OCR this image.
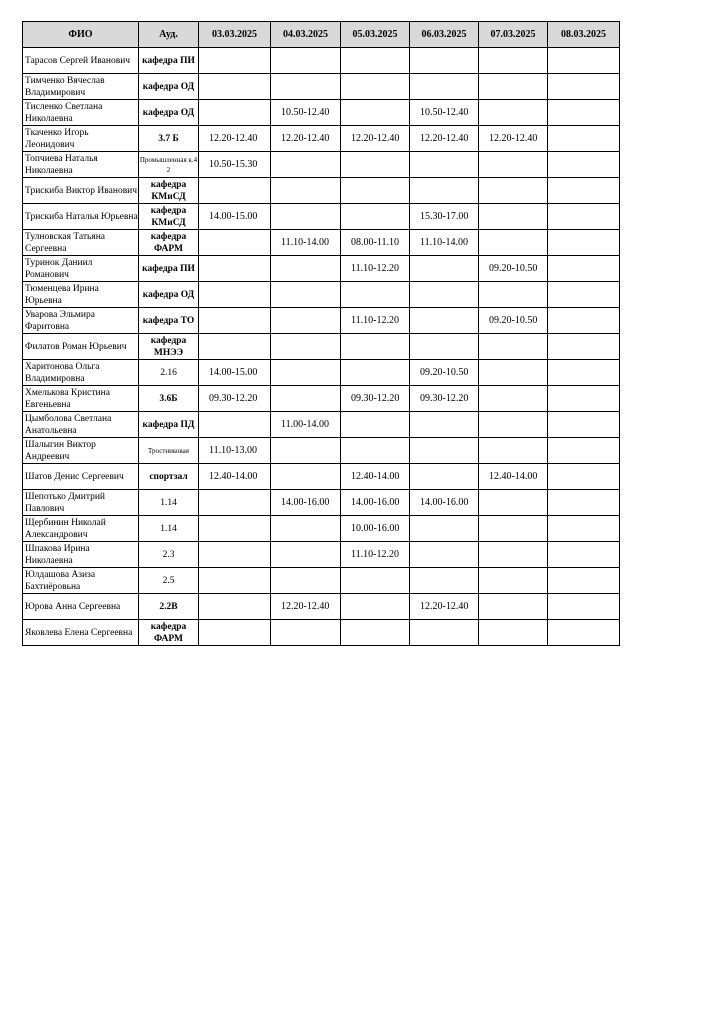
ФИО	Ауд.	03.03.2025	04.03.2025	05.03.2025	06.03.2025	07.03.2025	08.03.2025
Тарасов Сергей Иванович	кафедра ПИ						
Тимченко Вячеслав Владимирович	кафедра ОД						
Тисленко Светлана Николаевна	кафедра ОД		10.50-12.40		10.50-12.40		
Ткаченко Игорь Леонидович	3.7 Б	12.20-12.40	12.20-12.40	12.20-12.40	12.20-12.40	12.20-12.40	
Топчиева Наталья Николаевна	Промышленная к.4 2	10.50-15.30					
Трискиба Виктор Иванович	кафедра КМиСД						
Трискиба Наталья Юрьевна	кафедра КМиСД	14.00-15.00			15.30-17.00		
Тулновская Татьяна Сергеевна	кафедра ФАРМ		11.10-14.00	08.00-11.10	11.10-14.00		
Туринок Даниил Романович	кафедра ПИ			11.10-12.20		09.20-10.50	
Тюменцева Ирина Юрьевна	кафедра ОД						
Уварова Эльмира Фаритовна	кафедра ТО			11.10-12.20		09.20-10.50	
Филатов Роман Юрьевич	кафедра МНЭЭ						
Харитонова Ольга Владимировна	2.16	14.00-15.00			09.20-10.50		
Хмелькова Кристина Евгеньевна	3.6Б	09.30-12.20		09.30-12.20	09.30-12.20		
Цымболова Светлана Анатольевна	кафедра ПД		11.00-14.00				
Шалыгин Виктор Андреевич	Тростниковая	11.10-13.00					
Шатов Денис Сергеевич	спортзал	12.40-14.00		12.40-14.00		12.40-14.00	
Шепотько Дмитрий Павлович	1.14		14.00-16.00	14.00-16.00	14.00-16.00		
Щербинин Николай Александрович	1.14			10.00-16.00			
Шпакова Ирина Николаевна	2.3			11.10-12.20			
Юлдашова Азиза Бахтиёровьна	2.5						
Юрова Анна Сергеевна	2.2В		12.20-12.40		12.20-12.40		
Яковлева Елена Сергеевна	кафедра ФАРМ						
